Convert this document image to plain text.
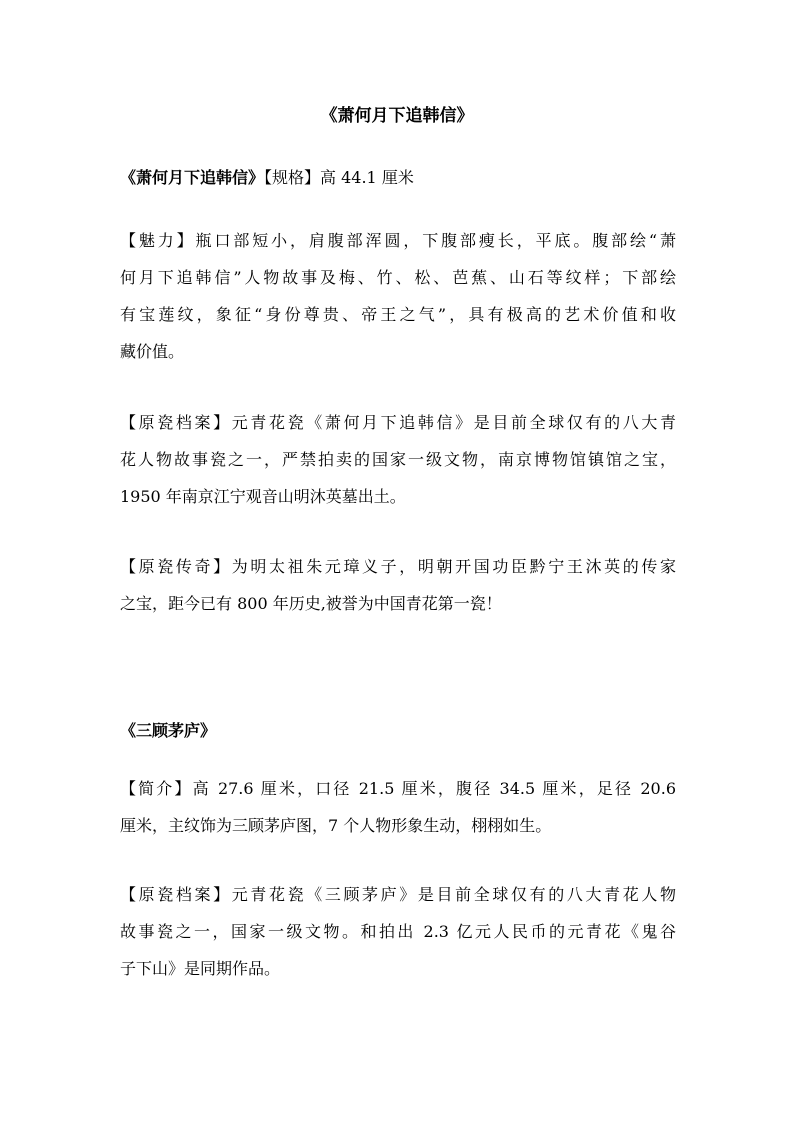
《萧何月下追韩信》
《萧何月下追韩信》【规格】高 44.1 厘米
【魅力】瓶口部短小，肩腹部浑圆，下腹部瘦长，平底。腹部绘“萧
何月下追韩信”人物故事及梅、竹、松、芭蕉、山石等纹样；下部绘
有宝莲纹，象征“身份尊贵、帝王之气”，具有极高的艺术价值和收
藏价值。
【原瓷档案】元青花瓷《萧何月下追韩信》是目前全球仅有的八大青
花人物故事瓷之一，严禁拍卖的国家一级文物，南京博物馆镇馆之宝，
1950 年南京江宁观音山明沐英墓出土。
【原瓷传奇】为明太祖朱元璋义子，明朝开国功臣黔宁王沐英的传家
之宝，距今已有 800 年历史,被誉为中国青花第一瓷！
《三顾茅庐》
【简介】高 27.6 厘米，口径 21.5 厘米，腹径 34.5 厘米，足径 20.6
厘米，主纹饰为三顾茅庐图，7 个人物形象生动，栩栩如生。
【原瓷档案】元青花瓷《三顾茅庐》是目前全球仅有的八大青花人物
故事瓷之一，国家一级文物。和拍出 2.3 亿元人民币的元青花《鬼谷
子下山》是同期作品。
